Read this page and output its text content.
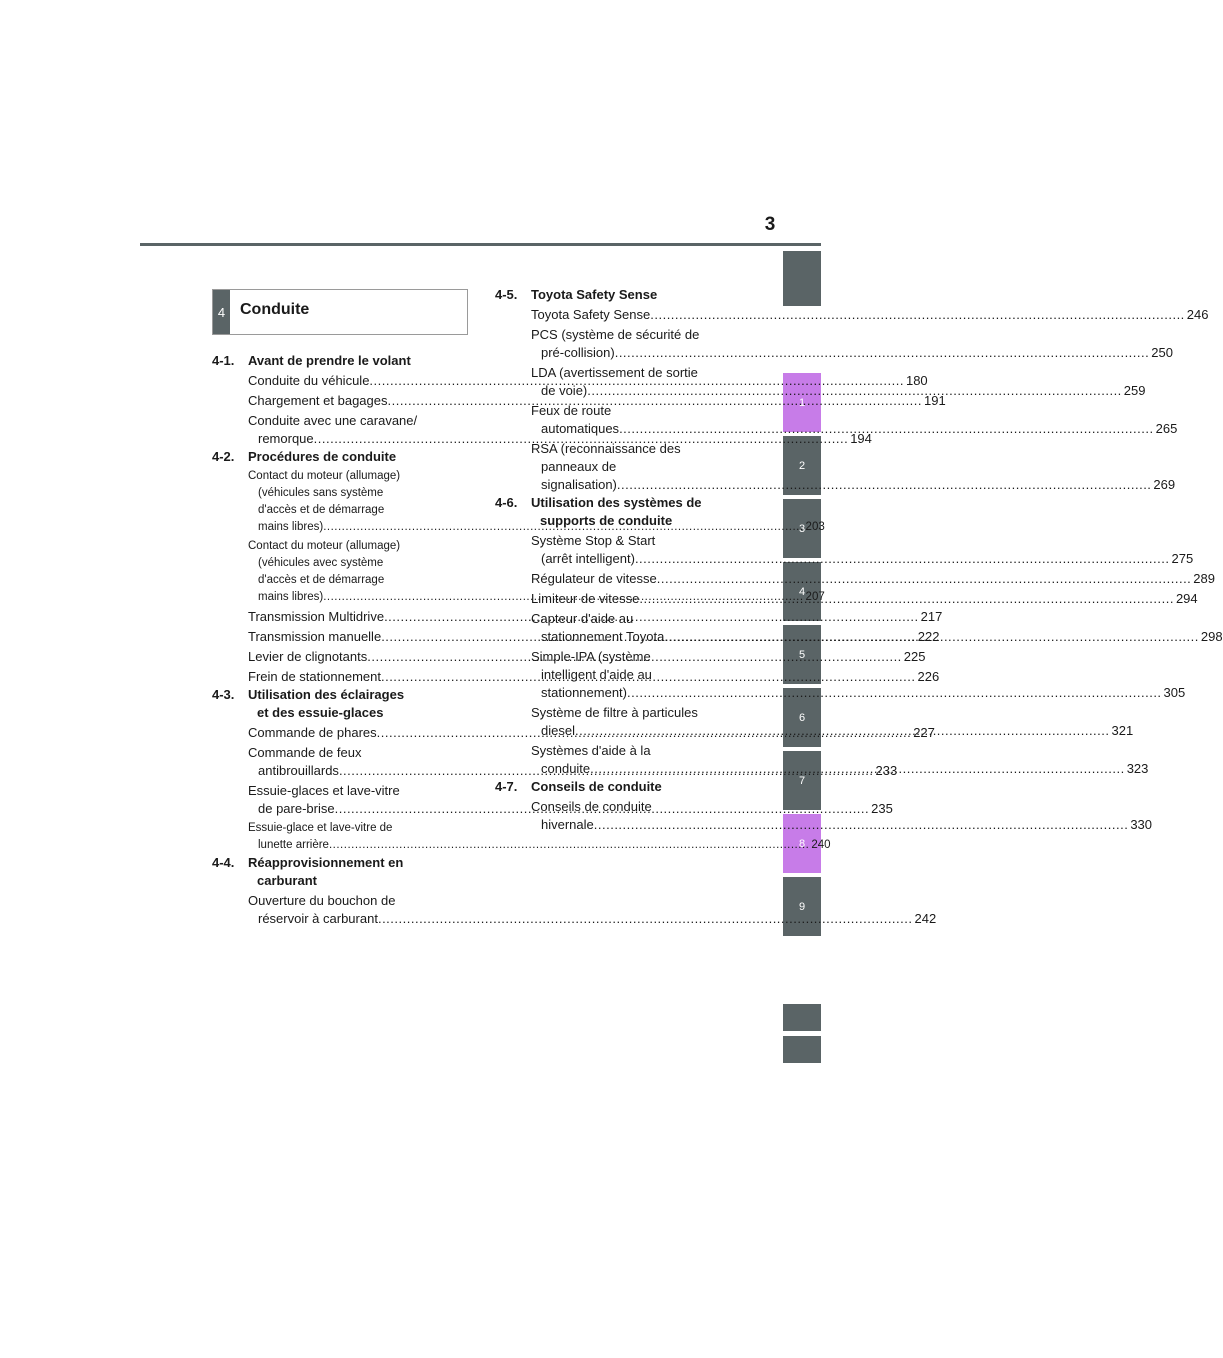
3
1
2
3
4
5
6
7
8
9
4 Conduite
4-1.	Avant de prendre le volant
Conduite du véhicule .....	180
Chargement et bagages .....	191
Conduite avec une caravane/
remorque .....	194
4-2.	Procédures de conduite
Contact du moteur (allumage)
(véhicules sans système
d'accès et de démarrage
mains libres) .....	203
Contact du moteur (allumage)
(véhicules avec système
d'accès et de démarrage
mains libres) .....	207
Transmission Multidrive .....	217
Transmission manuelle .....	222
Levier de clignotants .....	225
Frein de stationnement .....	226
4-3.	Utilisation des éclairages
et des essuie-glaces
Commande de phares .....	227
Commande de feux
antibrouillards .....	233
Essuie-glaces et lave-vitre
de pare-brise .....	235
Essuie-glace et lave-vitre de
lunette arrière .....	240
4-4.	Réapprovisionnement en
carburant
Ouverture du bouchon de
réservoir à carburant .....	242
4-5.	Toyota Safety Sense
Toyota Safety Sense .....	246
PCS (système de sécurité de
pré-collision) .....	250
LDA (avertissement de sortie
de voie) .....	259
Feux de route
automatiques .....	265
RSA (reconnaissance des
panneaux de
signalisation) .....	269
4-6.	Utilisation des systèmes de
supports de conduite
Système Stop & Start
(arrêt intelligent) .....	275
Régulateur de vitesse .....	289
Limiteur de vitesse .....	294
Capteur d'aide au
stationnement Toyota .....	298
Simple-IPA (système
intelligent d'aide au
stationnement) .....	305
Système de filtre à particules
diesel .....	321
Systèmes d'aide à la
conduite .....	323
4-7.	Conseils de conduite
Conseils de conduite
hivernale .....	330
